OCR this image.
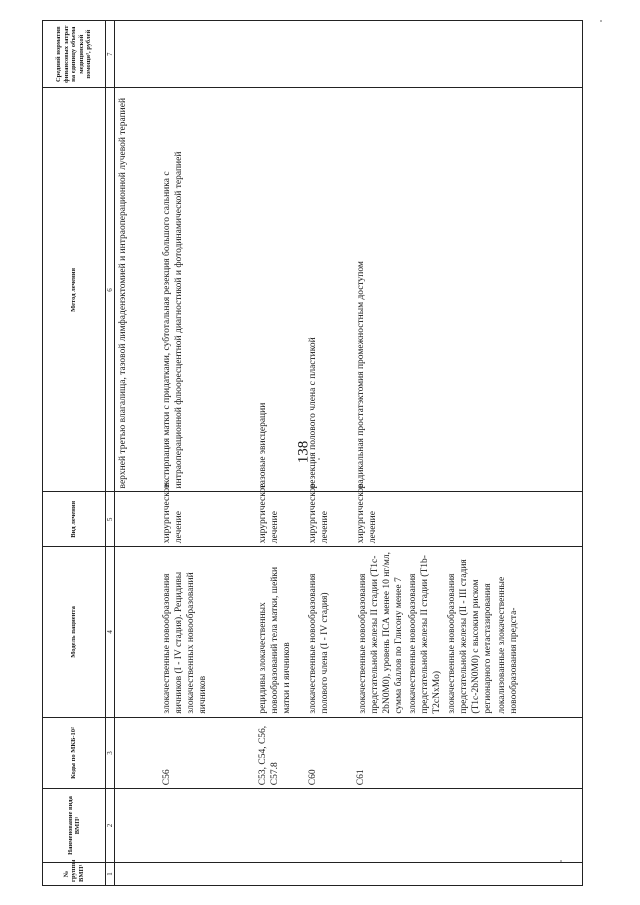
138
№ группы ВМП¹	Наименование вида ВМП¹	Коды по МКБ-10²	Модель пациента	Вид лечения	Метод лечения	Средний норматив финансовых затрат на единицу объема медицинской помощи³, рублей
1	2	3	4	5	6	7
					верхней третью влагалища, тазовой лимфаденэктомией и интраоперационной лучевой терапией	
		C56	злокачественные новообразования яичников (I - IV стадия). Рецидивы злокачественных новообразований яичников	хирургическое лечение	экстирпация матки с придатками, субтотальная резекция большого сальника с интраоперационной флюоресцентной диагностикой и фотодинамической терапией	
		C53, C54, C56, C57.8	рецидивы злокачественных новообразований тела матки, шейки матки и яичников	хирургическое лечение	тазовые эвисцерации	
		C60	злокачественные новообразования полового члена (I - IV стадия)	хирургическое лечение	резекция полового члена с пластикой	
		C61	злокачественные новообразования предстательной железы II стадии (T1c-2bN0M0), уровень ПСА менее 10 нг/мл, сумма баллов по Глисону менее 7 злокачественные новообразования предстательной железы II стадии (T1b-T2cNxMo) злокачественные новообразования предстательной железы (II - III стадия (T1c-2bN0M0) с высоким риском регионарного метастазирования локализованные злокачественные новообразования предста-	хирургическое лечение	радикальная простатэктомия промежностным доступом	
